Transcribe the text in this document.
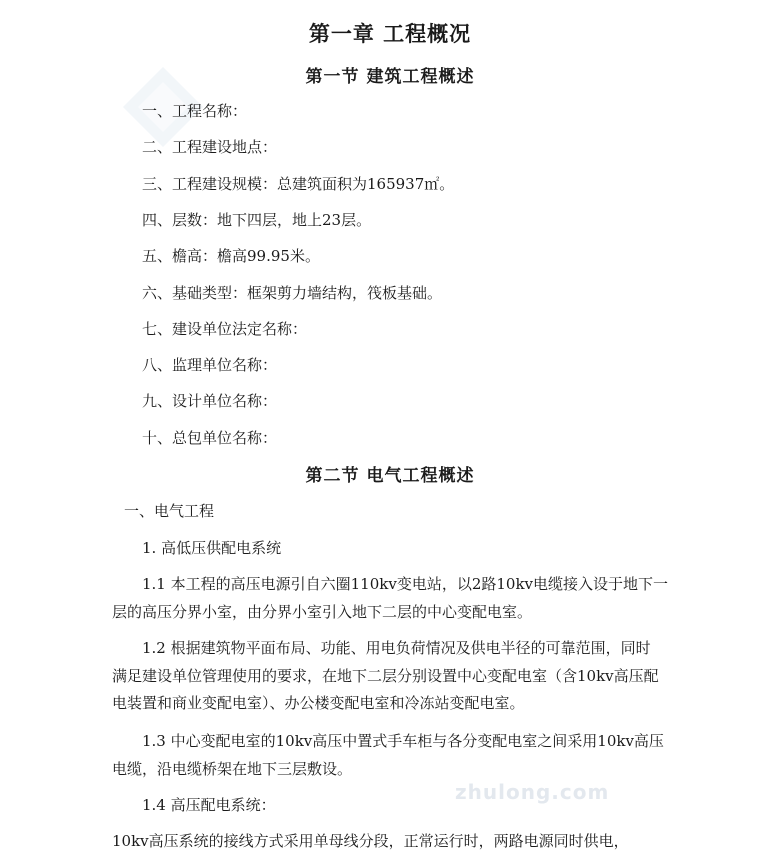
zhulong.com
第一章 工程概况
第一节 建筑工程概述
一、工程名称：
二、工程建设地点：
三、工程建设规模：总建筑面积为165937㎡。
四、层数：地下四层，地上23层。
五、檐高：檐高99.95米。
六、基础类型：框架剪力墙结构，筏板基础。
七、建设单位法定名称：
八、监理单位名称：
九、设计单位名称：
十、总包单位名称：
第二节 电气工程概述
一、电气工程
1. 高低压供配电系统
1.1 本工程的高压电源引自六圈110kv变电站，以2路10kv电缆接入设于地下一
层的高压分界小室，由分界小室引入地下二层的中心变配电室。
1.2 根据建筑物平面布局、功能、用电负荷情况及供电半径的可靠范围，同时
满足建设单位管理使用的要求，在地下二层分别设置中心变配电室（含10kv高压配
电装置和商业变配电室）、办公楼变配电室和冷冻站变配电室。
1.3 中心变配电室的10kv高压中置式手车柜与各分变配电室之间采用10kv高压
电缆，沿电缆桥架在地下三层敷设。
1.4 高压配电系统：
10kv高压系统的接线方式采用单母线分段，正常运行时，两路电源同时供电，
